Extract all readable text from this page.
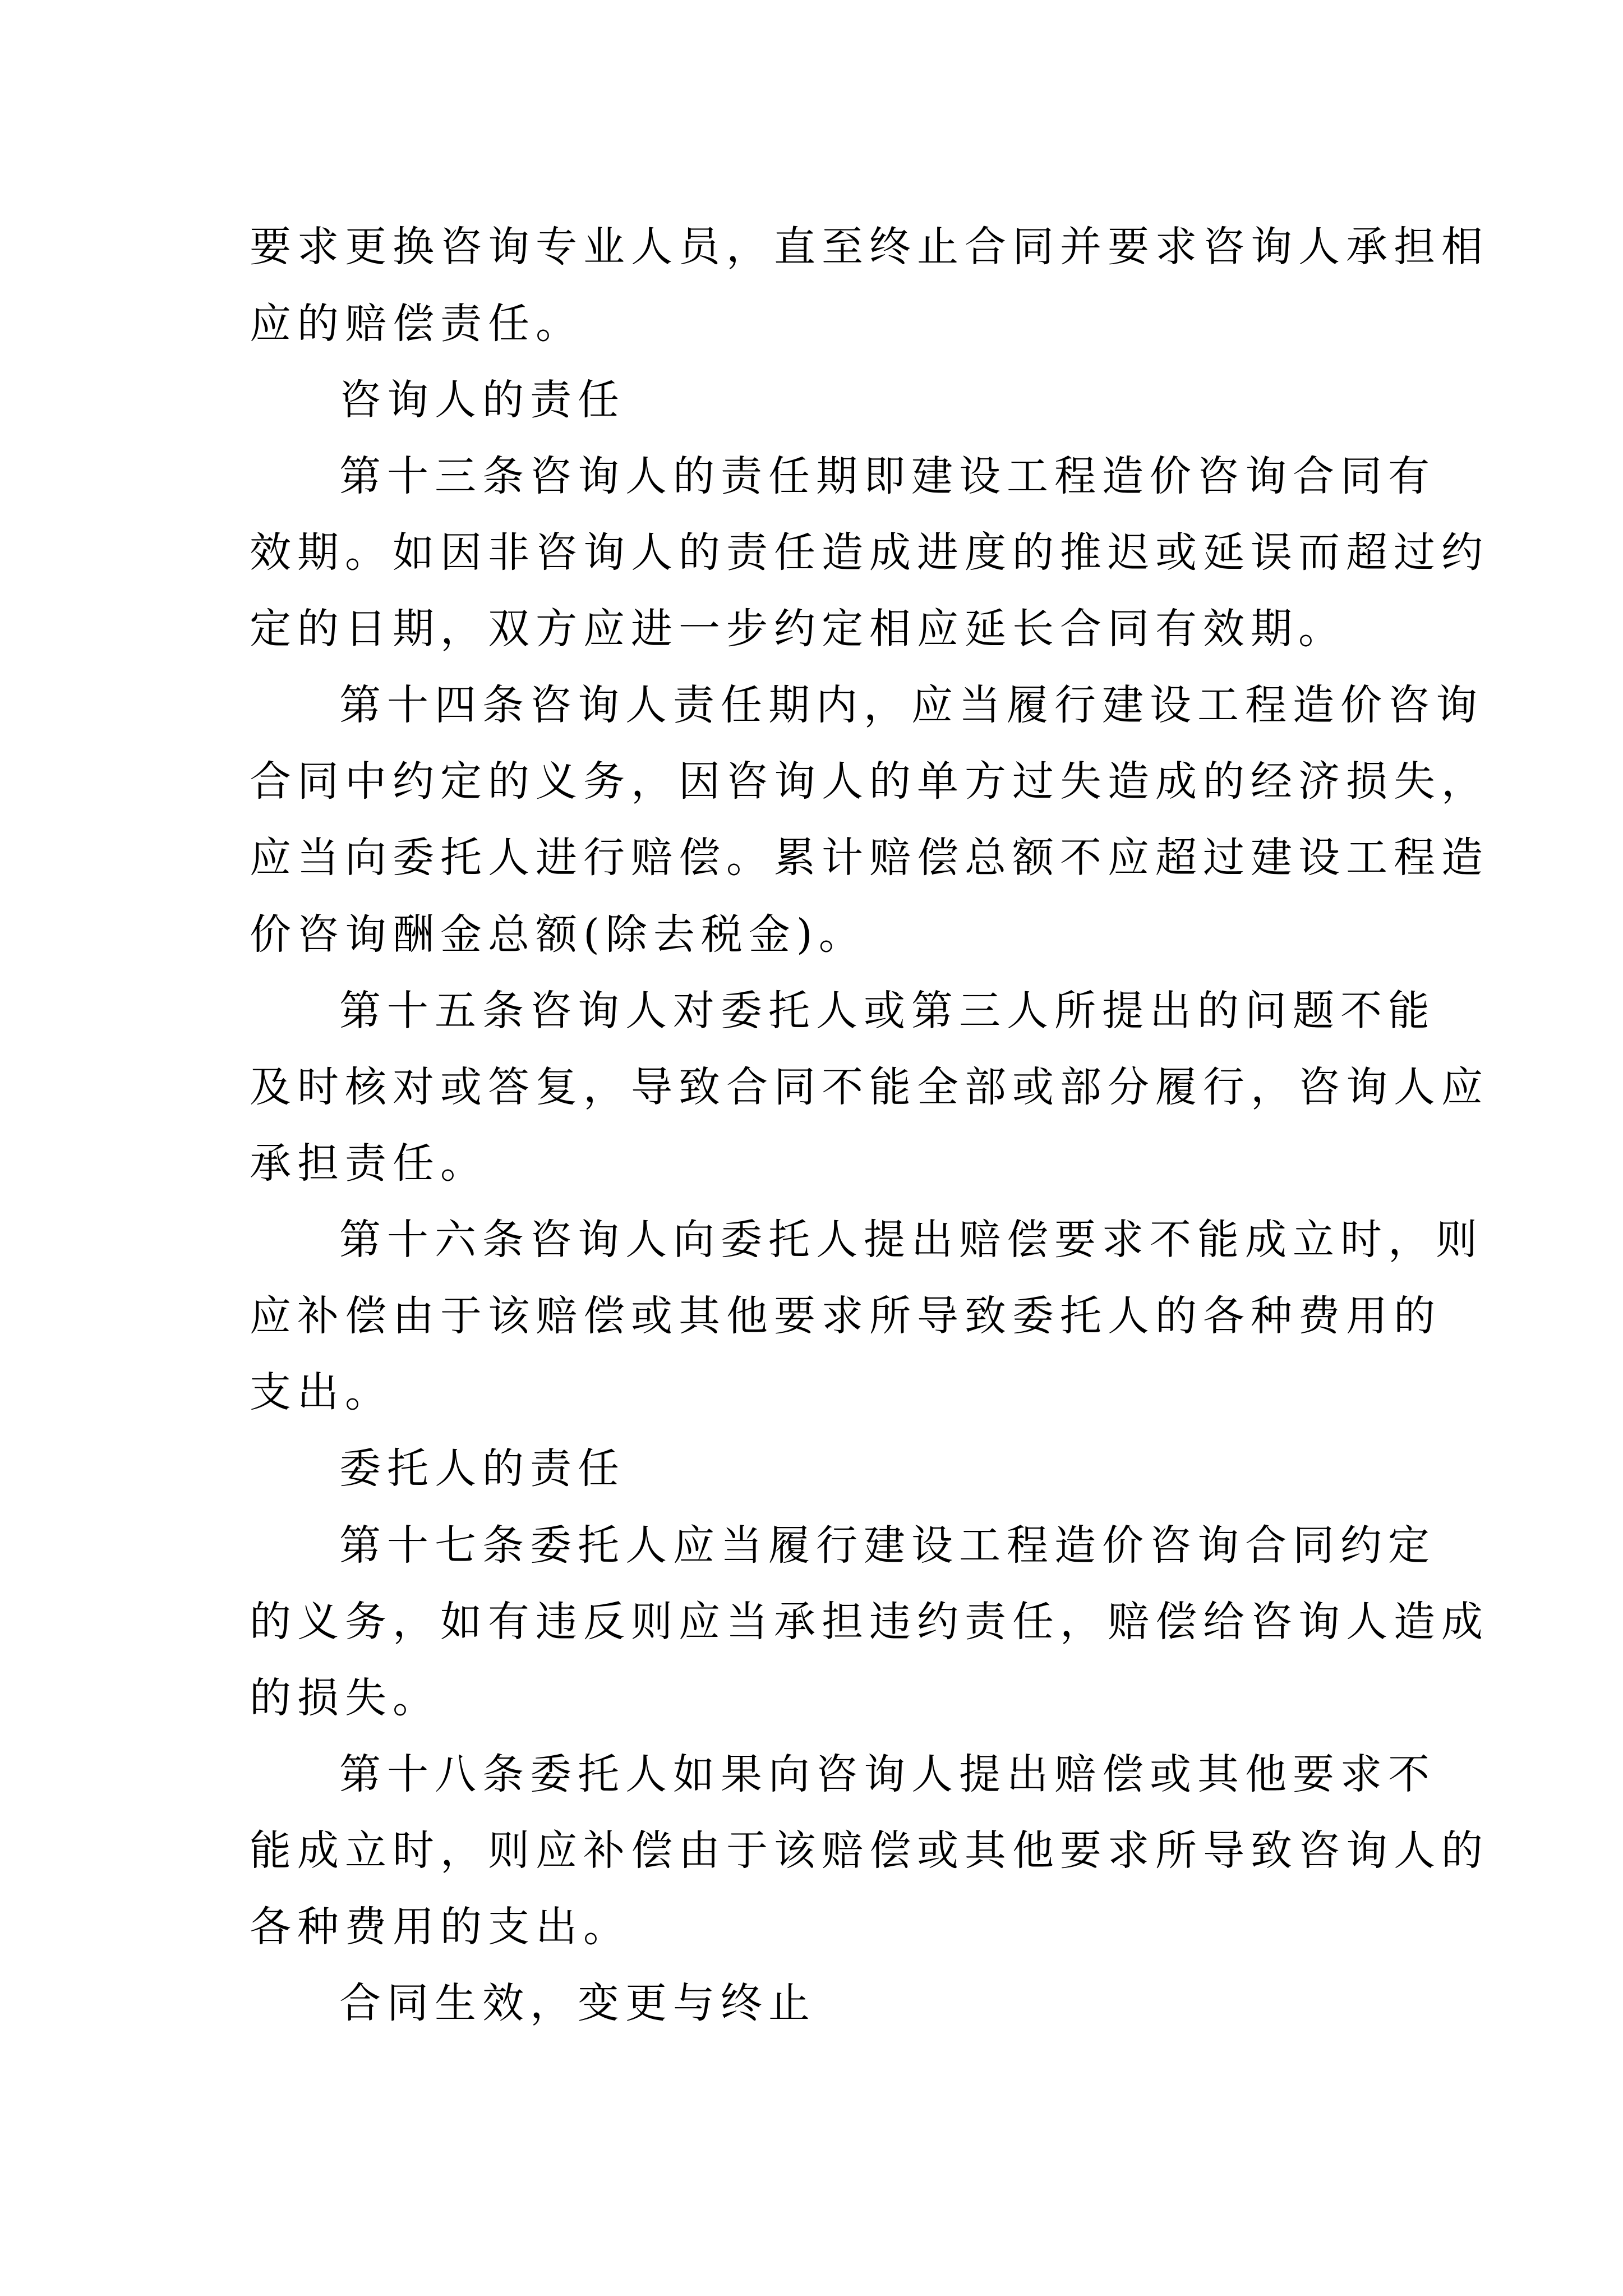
要求更换咨询专业人员，直至终止合同并要求咨询人承担相
应的赔偿责任。
咨询人的责任
第十三条咨询人的责任期即建设工程造价咨询合同有
效期。如因非咨询人的责任造成进度的推迟或延误而超过约
定的日期，双方应进一步约定相应延长合同有效期。
第十四条咨询人责任期内，应当履行建设工程造价咨询
合同中约定的义务，因咨询人的单方过失造成的经济损失，
应当向委托人进行赔偿。累计赔偿总额不应超过建设工程造
价咨询酬金总额(除去税金)。
第十五条咨询人对委托人或第三人所提出的问题不能
及时核对或答复，导致合同不能全部或部分履行，咨询人应
承担责任。
第十六条咨询人向委托人提出赔偿要求不能成立时，则
应补偿由于该赔偿或其他要求所导致委托人的各种费用的
支出。
委托人的责任
第十七条委托人应当履行建设工程造价咨询合同约定
的义务，如有违反则应当承担违约责任，赔偿给咨询人造成
的损失。
第十八条委托人如果向咨询人提出赔偿或其他要求不
能成立时，则应补偿由于该赔偿或其他要求所导致咨询人的
各种费用的支出。
合同生效，变更与终止
